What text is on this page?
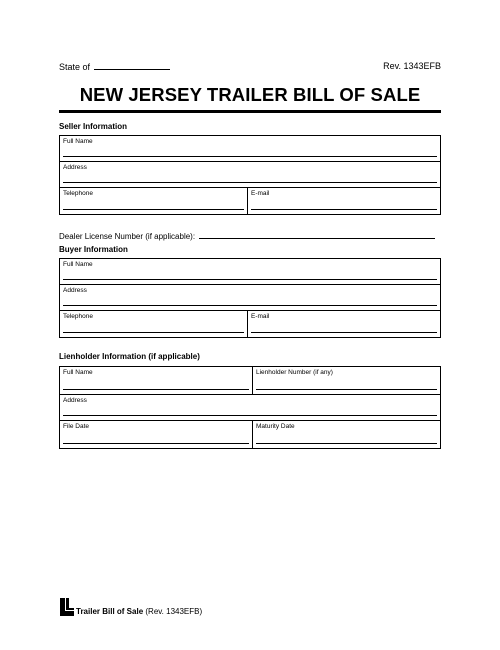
State of	Rev. 1343EFB
NEW JERSEY TRAILER BILL OF SALE
Seller Information
Full Name
Address
Telephone	E-mail
Dealer License Number (if applicable):
Buyer Information
Full Name
Address
Telephone	E-mail
Lienholder Information (if applicable)
Full Name	Lienholder Number (if any)
Address
File Date	Maturity Date
Trailer Bill of Sale (Rev. 1343EFB)
